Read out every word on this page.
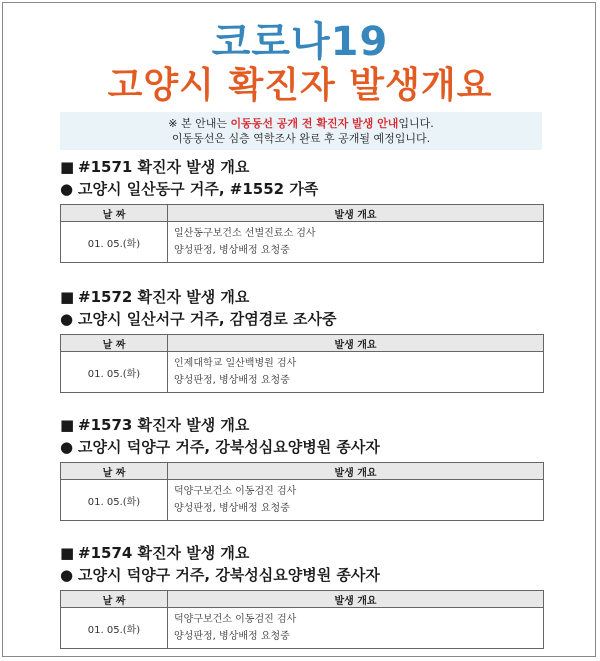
코로나19
고양시 확진자 발생개요
※ 본 안내는 이동동선 공개 전 확진자 발생 안내입니다.
이동동선은 심층 역학조사 완료 후 공개될 예정입니다.
■ #1571 확진자 발생 개요
● 고양시 일산동구 거주, #1552 가족
날 짜	발생 개요
01. 05.(화)	일산동구보건소 선별진료소 검사
양성판정, 병상배정 요청중
■ #1572 확진자 발생 개요
● 고양시 일산서구 거주, 감염경로 조사중
날 짜	발생 개요
01. 05.(화)	인제대학교 일산백병원 검사
양성판정, 병상배정 요청중
■ #1573 확진자 발생 개요
● 고양시 덕양구 거주, 강북성심요양병원 종사자
날 짜	발생 개요
01. 05.(화)	덕양구보건소 이동검진 검사
양성판정, 병상배정 요청중
■ #1574 확진자 발생 개요
● 고양시 덕양구 거주, 강북성심요양병원 종사자
날 짜	발생 개요
01. 05.(화)	덕양구보건소 이동검진 검사
양성판정, 병상배정 요청중
